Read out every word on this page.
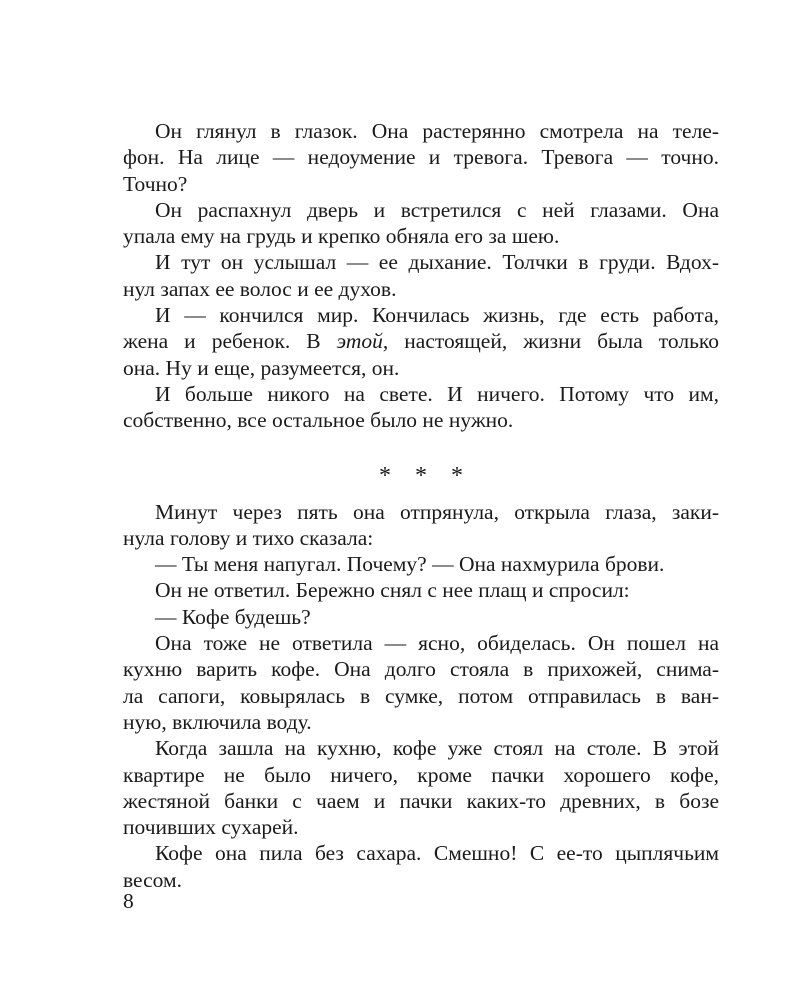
Он глянул в глазок. Она растерянно смотрела на теле-
фон. На лице — недоумение и тревога. Тревога — точно.
Точно?
Он распахнул дверь и встретился с ней глазами. Она
упала ему на грудь и крепко обняла его за шею.
И тут он услышал — ее дыхание. Толчки в груди. Вдох-
нул запах ее волос и ее духов.
И — кончился мир. Кончилась жизнь, где есть работа,
жена и ребенок. В этой, настоящей, жизни была только
она. Ну и еще, разумеется, он.
И больше никого на свете. И ничего. Потому что им,
собственно, все остальное было не нужно.
* * *
Минут через пять она отпрянула, открыла глаза, заки-
нула голову и тихо сказала:
— Ты меня напугал. Почему? — Она нахмурила брови.
Он не ответил. Бережно снял с нее плащ и спросил:
— Кофе будешь?
Она тоже не ответила — ясно, обиделась. Он пошел на
кухню варить кофе. Она долго стояла в прихожей, снима-
ла сапоги, ковырялась в сумке, потом отправилась в ван-
ную, включила воду.
Когда зашла на кухню, кофе уже стоял на столе. В этой
квартире не было ничего, кроме пачки хорошего кофе,
жестяной банки с чаем и пачки каких-то древних, в бозе
почивших сухарей.
Кофе она пила без сахара. Смешно! С ее-то цыплячьим
весом.
8
